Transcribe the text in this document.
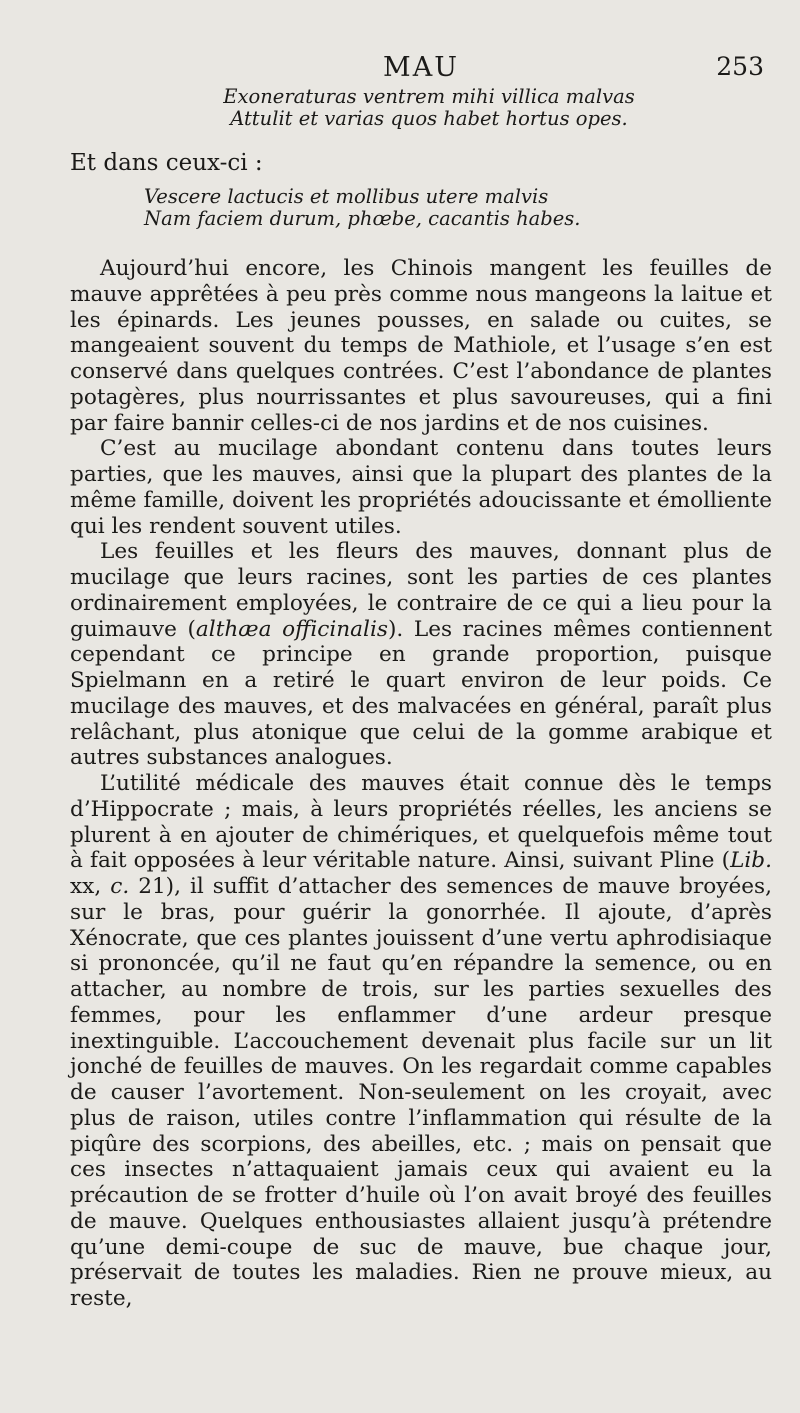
MAU	253
Exoneraturas ventrem mihi villica malvas
Attulit et varias quos habet hortus opes.
Et dans ceux-ci :
Vescere lactucis et mollibus utere malvis
Nam faciem durum, phœbe, cacantis habes.

Aujourd’hui encore, les Chinois mangent les feuilles de mauve apprêtées à peu près comme nous mangeons la laitue et les épinards. Les jeunes pousses, en salade ou cuites, se mangeaient souvent du temps de Mathiole, et l’usage s’en est conservé dans quelques contrées. C’est l’abondance de plantes potagères, plus nourrissantes et plus savoureuses, qui a fini par faire bannir celles-ci de nos jardins et de nos cuisines.

C’est au mucilage abondant contenu dans toutes leurs parties, que les mauves, ainsi que la plupart des plantes de la même famille, doivent les propriétés adoucissante et émolliente qui les rendent souvent utiles.

Les feuilles et les fleurs des mauves, donnant plus de mucilage que leurs racines, sont les parties de ces plantes ordinairement employées, le contraire de ce qui a lieu pour la guimauve (althæa officinalis). Les racines mêmes contiennent cependant ce principe en grande proportion, puisque Spielmann en a retiré le quart environ de leur poids. Ce mucilage des mauves, et des malvacées en général, paraît plus relâchant, plus atonique que celui de la gomme arabique et autres substances analogues.

L’utilité médicale des mauves était connue dès le temps d’Hippocrate ; mais, à leurs propriétés réelles, les anciens se plurent à en ajouter de chimériques, et quelquefois même tout à fait opposées à leur véritable nature. Ainsi, suivant Pline (Lib. xx, c. 21), il suffit d’attacher des semences de mauve broyées, sur le bras, pour guérir la gonorrhée. Il ajoute, d’après Xénocrate, que ces plantes jouissent d’une vertu aphrodisiaque si prononcée, qu’il ne faut qu’en répandre la semence, ou en attacher, au nombre de trois, sur les parties sexuelles des femmes, pour les enflammer d’une ardeur presque inextinguible. L’accouchement devenait plus facile sur un lit jonché de feuilles de mauves. On les regardait comme capables de causer l’avortement. Non-seulement on les croyait, avec plus de raison, utiles contre l’inflammation qui résulte de la piqûre des scorpions, des abeilles, etc. ; mais on pensait que ces insectes n’attaquaient jamais ceux qui avaient eu la précaution de se frotter d’huile où l’on avait broyé des feuilles de mauve. Quelques enthousiastes allaient jusqu’à prétendre qu’une demi-coupe de suc de mauve, bue chaque jour, préservait de toutes les maladies. Rien ne prouve mieux, au reste,
